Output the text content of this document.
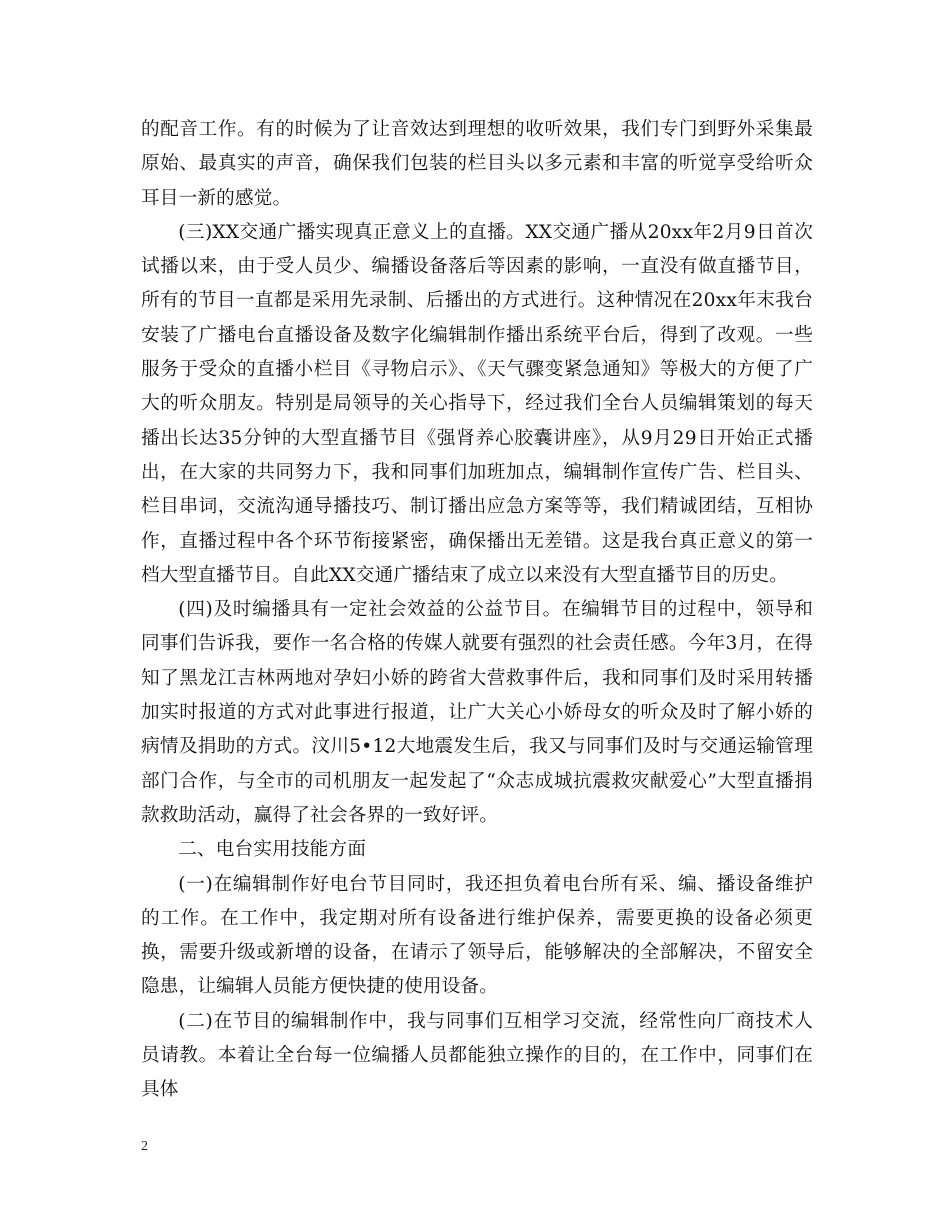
的配音工作。有的时候为了让音效达到理想的收听效果，我们专门到野外采集最原始、最真实的声音，确保我们包装的栏目头以多元素和丰富的听觉享受给听众耳目一新的感觉。

(三)XX交通广播实现真正意义上的直播。XX交通广播从20xx年2月9日首次试播以来，由于受人员少、编播设备落后等因素的影响，一直没有做直播节目，所有的节目一直都是采用先录制、后播出的方式进行。这种情况在20xx年末我台安装了广播电台直播设备及数字化编辑制作播出系统平台后，得到了改观。一些服务于受众的直播小栏目《寻物启示》、《天气骤变紧急通知》等极大的方便了广大的听众朋友。特别是局领导的关心指导下，经过我们全台人员编辑策划的每天播出长达35分钟的大型直播节目《强肾养心胶囊讲座》，从9月29日开始正式播出，在大家的共同努力下，我和同事们加班加点，编辑制作宣传广告、栏目头、栏目串词，交流沟通导播技巧、制订播出应急方案等等，我们精诚团结，互相协作，直播过程中各个环节衔接紧密，确保播出无差错。这是我台真正意义的第一档大型直播节目。自此XX交通广播结束了成立以来没有大型直播节目的历史。

(四)及时编播具有一定社会效益的公益节目。在编辑节目的过程中，领导和同事们告诉我，要作一名合格的传媒人就要有强烈的社会责任感。今年3月，在得知了黑龙江吉林两地对孕妇小娇的跨省大营救事件后，我和同事们及时采用转播加实时报道的方式对此事进行报道，让广大关心小娇母女的听众及时了解小娇的病情及捐助的方式。汶川5•12大地震发生后，我又与同事们及时与交通运输管理部门合作，与全市的司机朋友一起发起了“众志成城抗震救灾献爱心”大型直播捐款救助活动，赢得了社会各界的一致好评。

二、电台实用技能方面

(一)在编辑制作好电台节目同时，我还担负着电台所有采、编、播设备维护的工作。在工作中，我定期对所有设备进行维护保养，需要更换的设备必须更换，需要升级或新增的设备，在请示了领导后，能够解决的全部解决，不留安全隐患，让编辑人员能方便快捷的使用设备。

(二)在节目的编辑制作中，我与同事们互相学习交流，经常性向厂商技术人员请教。本着让全台每一位编播人员都能独立操作的目的，在工作中，同事们在具体

2
